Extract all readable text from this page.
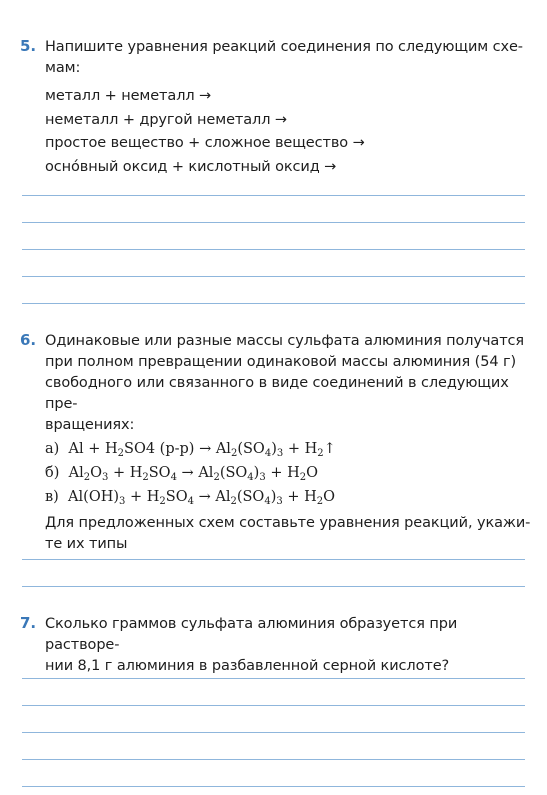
5. Напишите уравнения реакций соединения по следующим схе-
мам:
металл + неметалл →
неметалл + другой неметалл →
простое вещество + сложное вещество →
осно́вный оксид + кислотный оксид →
6. Одинаковые или разные массы сульфата алюминия получатся
при полном превращении одинаковой массы алюминия (54 г)
свободного или связанного в виде соединений в следующих пре-
вращениях:
а) $Al + H_2SO4$ $(р-р) \to Al_2(SO_4)_3$ + $H_2↑$
б) $Al_2O_3 + H_2SO_4 \to Al_2(SO_4)_3 + H_2O$
в) $Al(OH)_3 + H_2SO_4 \to Al_2(SO_4)_3 + H_2O$
Для предложенных схем составьте уравнения реакций, укажи-
те их типы
7. Сколько граммов сульфата алюминия образуется при растворе-
нии 8,1 г алюминия в разбавленной серной кислоте?
